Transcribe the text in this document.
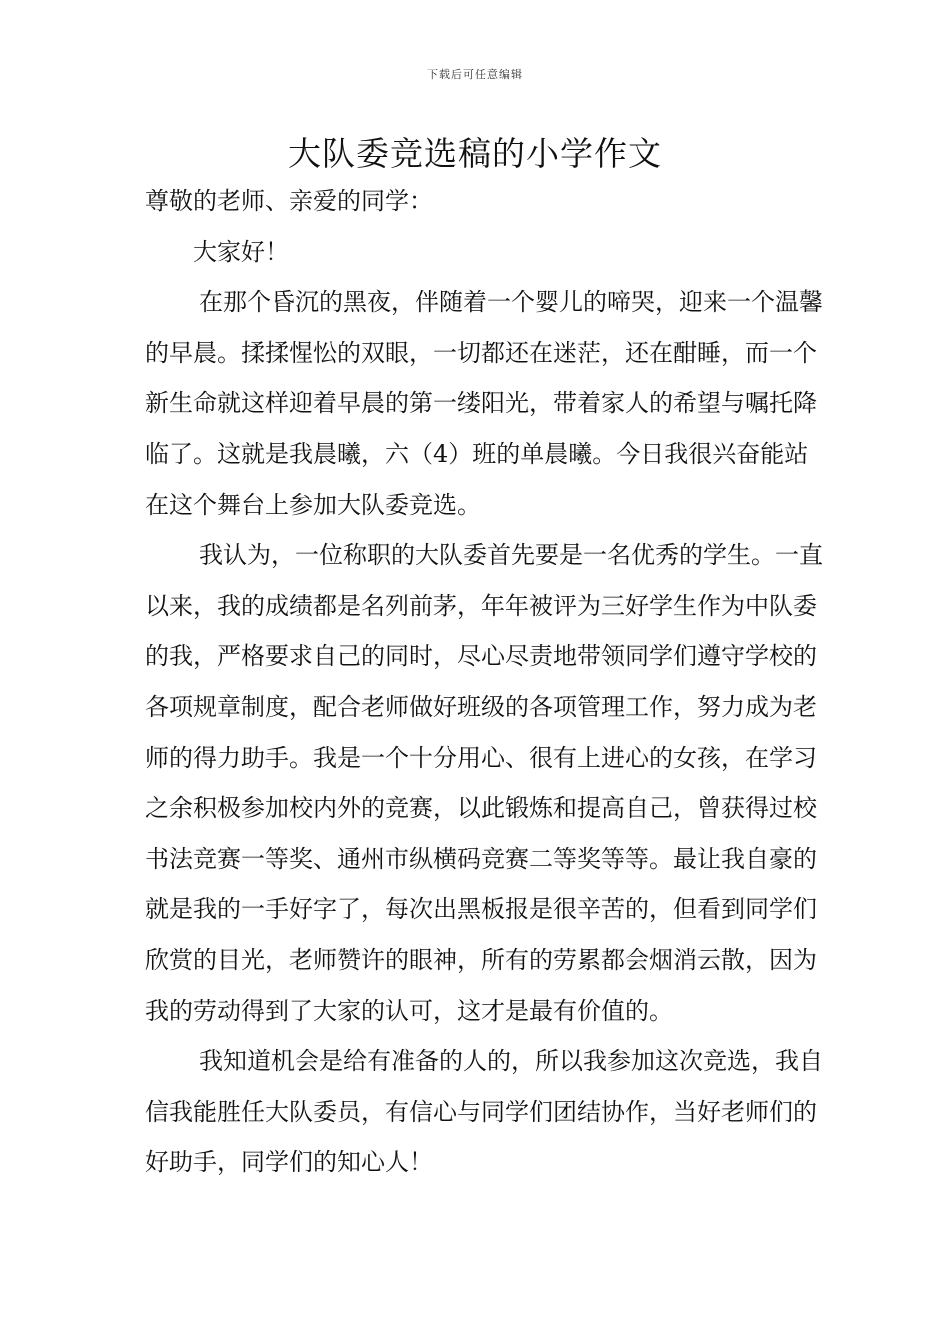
下载后可任意编辑
大队委竞选稿的小学作文

尊敬的老师、亲爱的同学：

大家好！

在那个昏沉的黑夜，伴随着一个婴儿的啼哭，迎来一个温馨的早晨。揉揉惺忪的双眼，一切都还在迷茫，还在酣睡，而一个新生命就这样迎着早晨的第一缕阳光，带着家人的希望与嘱托降临了。这就是我晨曦，六（4）班的单晨曦。今日我很兴奋能站在这个舞台上参加大队委竞选。

我认为，一位称职的大队委首先要是一名优秀的学生。一直以来，我的成绩都是名列前茅，年年被评为三好学生作为中队委的我，严格要求自己的同时，尽心尽责地带领同学们遵守学校的各项规章制度，配合老师做好班级的各项管理工作，努力成为老师的得力助手。我是一个十分用心、很有上进心的女孩，在学习之余积极参加校内外的竞赛，以此锻炼和提高自己，曾获得过校书法竞赛一等奖、通州市纵横码竞赛二等奖等等。最让我自豪的就是我的一手好字了，每次出黑板报是很辛苦的，但看到同学们欣赏的目光，老师赞许的眼神，所有的劳累都会烟消云散，因为我的劳动得到了大家的认可，这才是最有价值的。

我知道机会是给有准备的人的，所以我参加这次竞选，我自信我能胜任大队委员，有信心与同学们团结协作，当好老师们的好助手，同学们的知心人！
